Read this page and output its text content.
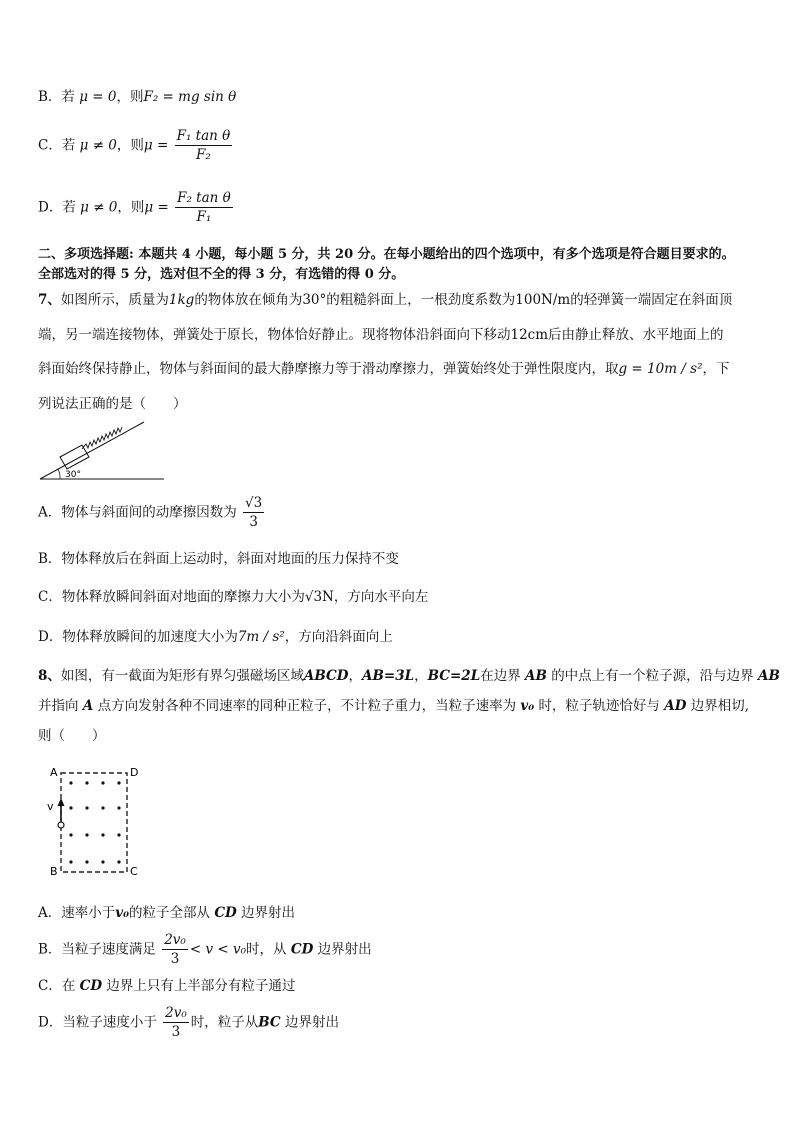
B．若 μ = 0，则F₂ = mg sin θ
C．若 μ ≠ 0，则$\mu = \frac{\text{F₁ tan θ}}{\text{F₂}}$
D．若 μ ≠ 0，则$\mu = \frac{\text{F₂ tan θ}}{\text{F₁}}$
二、多项选择题: 本题共 4 小题，每小题 5 分，共 20 分。在每小题给出的四个选项中，有多个选项是符合题目要求的。
全部选对的得 5 分，选对但不全的得 3 分，有选错的得 0 分。
7、如图所示，质量为1kg的物体放在倾角为30°的粗糙斜面上，一根劲度系数为100N/m的轻弹簧一端固定在斜面顶
端，另一端连接物体，弹簧处于原长，物体恰好静止。现将物体沿斜面向下移动12cm后由静止释放、水平地面上的
斜面始终保持静止，物体与斜面间的最大静摩擦力等于滑动摩擦力，弹簧始终处于弹性限度内，取g = 10m / s²，下
列说法正确的是（　　）
30°
A．物体与斜面间的动摩擦因数为 $\frac{√3}{3}$
B．物体释放后在斜面上运动时，斜面对地面的压力保持不变
C．物体释放瞬间斜面对地面的摩擦力大小为√3N，方向水平向左
D．物体释放瞬间的加速度大小为7m / s²，方向沿斜面向上
8、如图，有一截面为矩形有界匀强磁场区域ABCD，AB=3L，BC=2L在边界 AB 的中点上有一个粒子源，沿与边界 AB
并指向 A 点方向发射各种不同速率的同种正粒子，不计粒子重力，当粒子速率为 v₀ 时，粒子轨迹恰好与 AD 边界相切,
则（　　）
A	D
B	C
v
A．速率小于v₀的粒子全部从 CD 边界射出
B．当粒子速度满足 $\frac{\text{2v₀}}{3} < v < v_0$时，从 CD 边界射出
C．在 CD 边界上只有上半部分有粒子通过
D．当粒子速度小于 $\frac{\text{2v₀}}{3}$ 时，粒子从BC 边界射出
